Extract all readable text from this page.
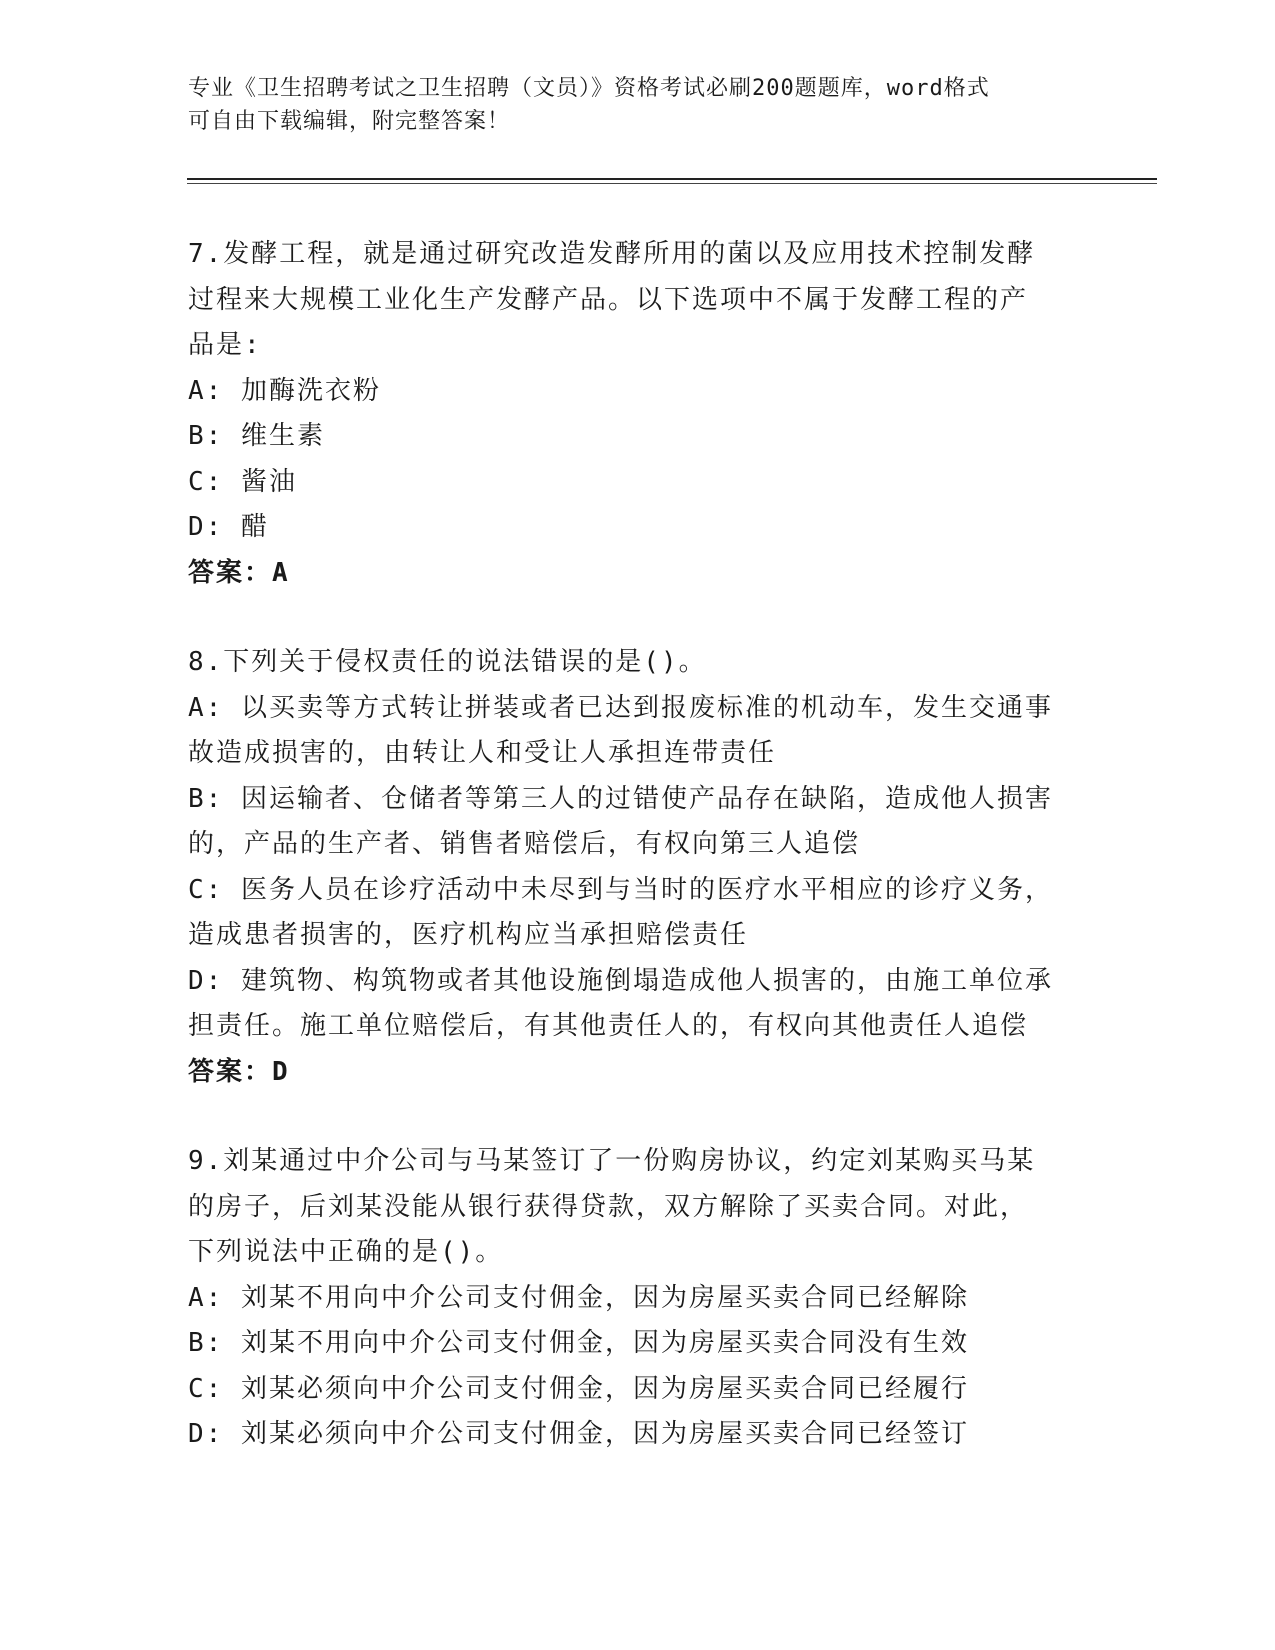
专业《卫生招聘考试之卫生招聘（文员）》资格考试必刷200题题库，word格式
可自由下载编辑，附完整答案！

7.发酵工程，就是通过研究改造发酵所用的菌以及应用技术控制发酵

过程来大规模工业化生产发酵产品。以下选项中不属于发酵工程的产

品是:

A: 加酶洗衣粉

B: 维生素

C: 酱油

D: 醋

答案：A

8.下列关于侵权责任的说法错误的是()。

A: 以买卖等方式转让拼装或者已达到报废标准的机动车，发生交通事

故造成损害的，由转让人和受让人承担连带责任

B: 因运输者、仓储者等第三人的过错使产品存在缺陷，造成他人损害

的，产品的生产者、销售者赔偿后，有权向第三人追偿

C: 医务人员在诊疗活动中未尽到与当时的医疗水平相应的诊疗义务，

造成患者损害的，医疗机构应当承担赔偿责任

D: 建筑物、构筑物或者其他设施倒塌造成他人损害的，由施工单位承

担责任。施工单位赔偿后，有其他责任人的，有权向其他责任人追偿

答案：D

9.刘某通过中介公司与马某签订了一份购房协议，约定刘某购买马某

的房子，后刘某没能从银行获得贷款，双方解除了买卖合同。对此，

下列说法中正确的是()。

A: 刘某不用向中介公司支付佣金，因为房屋买卖合同已经解除

B: 刘某不用向中介公司支付佣金，因为房屋买卖合同没有生效

C: 刘某必须向中介公司支付佣金，因为房屋买卖合同已经履行

D: 刘某必须向中介公司支付佣金，因为房屋买卖合同已经签订
